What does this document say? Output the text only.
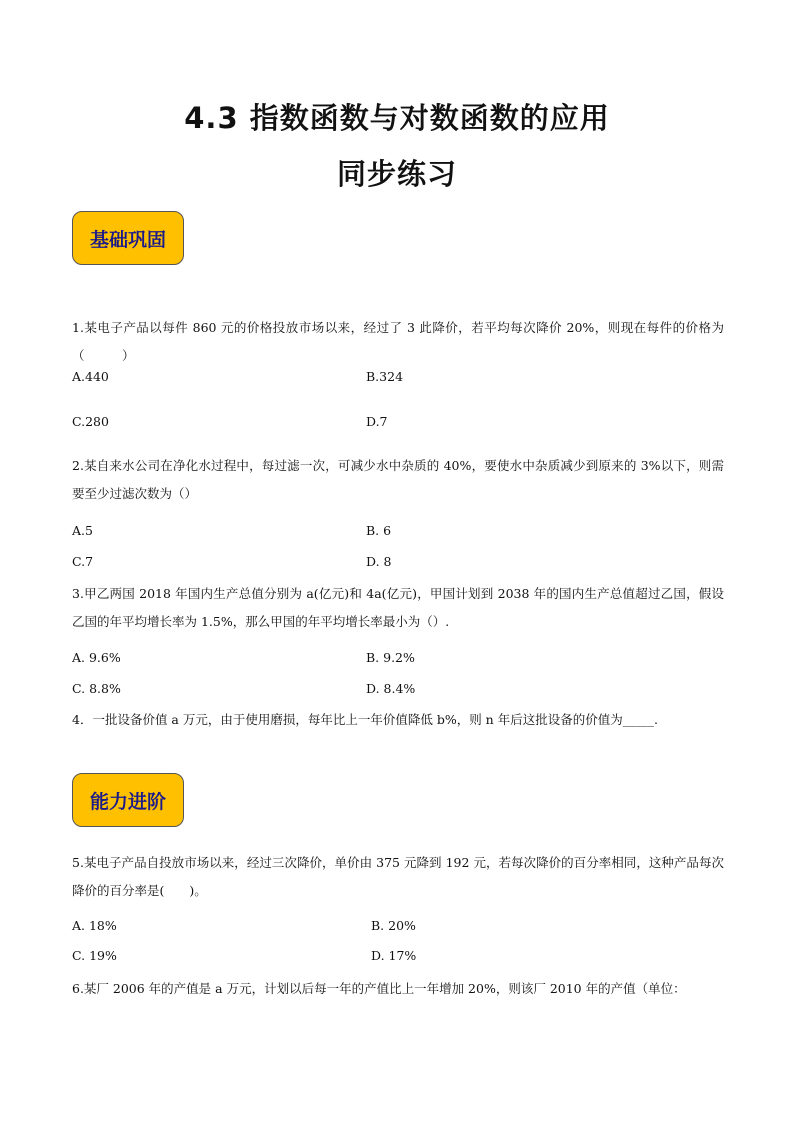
4.3 指数函数与对数函数的应用
同步练习
基础巩固
1.某电子产品以每件 860 元的价格投放市场以来，经过了 3 此降价，若平均每次降价 20%，则现在每件的价格为（　　　）
A.440	B.324
C.280	D.7
2.某自来水公司在净化水过程中，每过滤一次，可减少水中杂质的 40%，要使水中杂质减少到原来的 3%以下，则需要至少过滤次数为（）
A.5	B. 6
C.7	D. 8
3.甲乙两国 2018 年国内生产总值分别为 a(亿元)和 4a(亿元)，甲国计划到 2038 年的国内生产总值超过乙国，假设乙国的年平均增长率为 1.5%，那么甲国的年平均增长率最小为（）.
A. 9.6%	B. 9.2%
C. 8.8%	D. 8.4%
4．一批设备价值 a 万元，由于使用磨损，每年比上一年价值降低 b%，则 n 年后这批设备的价值为_____.
能力进阶
5.某电子产品自投放市场以来，经过三次降价，单价由 375 元降到 192 元，若每次降价的百分率相同，这种产品每次降价的百分率是(　　)。
A. 18%	B. 20%
C. 19%	D. 17%
6.某厂 2006 年的产值是 a 万元，计划以后每一年的产值比上一年增加 20%，则该厂 2010 年的产值（单位：
